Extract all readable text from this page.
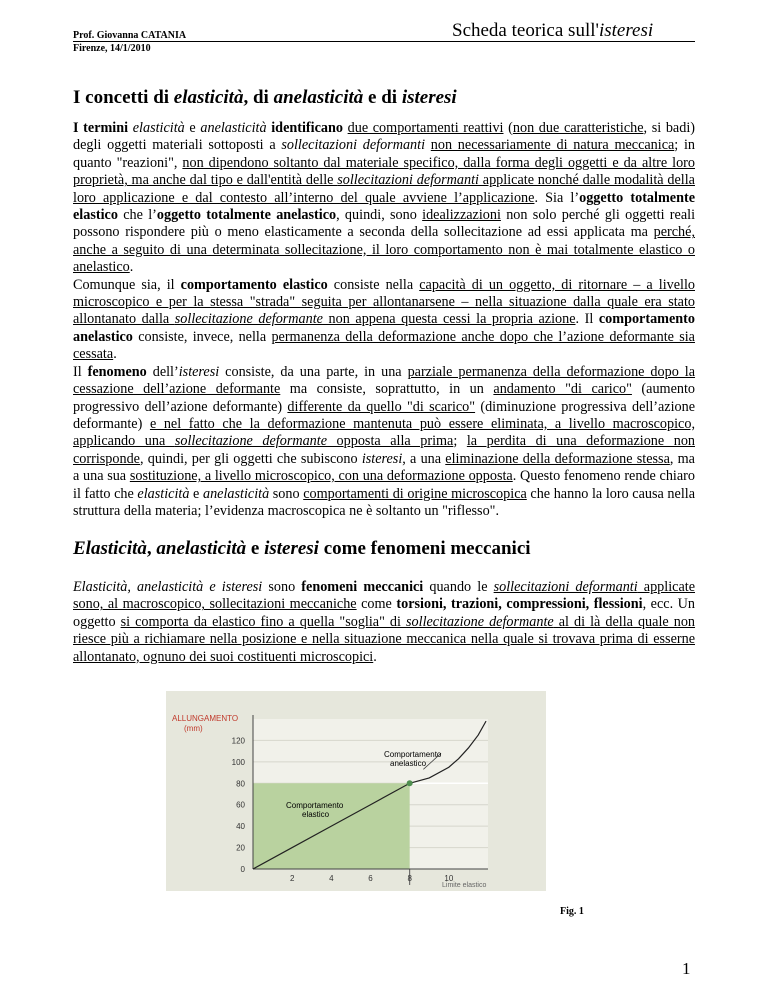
Prof. Giovanna CATANIA
Firenze, 14/1/2010
Scheda teorica sull'isteresi
I concetti di elasticità, di anelasticità e di isteresi
I termini elasticità e anelasticità identificano due comportamenti reattivi (non due caratteristiche, si badi) degli oggetti materiali sottoposti a sollecitazioni deformanti non necessariamente di natura meccanica; in quanto "reazioni", non dipendono soltanto dal materiale specifico, dalla forma degli oggetti e da altre loro proprietà, ma anche dal tipo e dall'entità delle sollecitazioni deformanti applicate nonché dalle modalità della loro applicazione e dal contesto all’interno del quale avviene l’applicazione. Sia l’oggetto totalmente elastico che l’oggetto totalmente anelastico, quindi, sono idealizzazioni non solo perché gli oggetti reali possono rispondere più o meno elasticamente a seconda della sollecitazione ad essi applicata ma perché, anche a seguito di una determinata sollecitazione, il loro comportamento non è mai totalmente elastico o anelastico.
Comunque sia, il comportamento elastico consiste nella capacità di un oggetto, di ritornare – a livello microscopico e per la stessa "strada" seguita per allontanarsene – nella situazione dalla quale era stato allontanato dalla sollecitazione deformante non appena questa cessi la propria azione. Il comportamento anelastico consiste, invece, nella permanenza della deformazione anche dopo che l’azione deformante sia cessata.
Il fenomeno dell’isteresi consiste, da una parte, in una parziale permanenza della deformazione dopo la cessazione dell’azione deformante ma consiste, soprattutto, in un andamento "di carico" (aumento progressivo dell’azione deformante) differente da quello "di scarico" (diminuzione progressiva dell’azione deformante) e nel fatto che la deformazione mantenuta può essere eliminata, a livello macroscopico, applicando una sollecitazione deformante opposta alla prima; la perdita di una deformazione non corrisponde, quindi, per gli oggetti che subiscono isteresi, a una eliminazione della deformazione stessa, ma a una sua sostituzione, a livello microscopico, con una deformazione opposta. Questo fenomeno rende chiaro il fatto che elasticità e anelasticità sono comportamenti di origine microscopica che hanno la loro causa nella struttura della materia; l’evidenza macroscopica ne è soltanto un "riflesso".
Elasticità, anelasticità e isteresi come fenomeni meccanici
Elasticità, anelasticità e isteresi sono fenomeni meccanici quando le sollecitazioni deformanti applicate sono, al macroscopico, sollecitazioni meccaniche come torsioni, trazioni, compressioni, flessioni, ecc. Un oggetto si comporta da elastico fino a quella "soglia" di sollecitazione deformante al di là della quale non riesce più a richiamare nella posizione e nella situazione meccanica nella quale si trovava prima di esserne allontanato, ognuno dei suoi costituenti microscopici.
0
20
40
60
80
100
120
2	4	6	8	10
ALLUNGAMENTO
(mm)
Comportamento
elastico
Comportamento
anelastico
Limite elastico
Fig. 1
1
